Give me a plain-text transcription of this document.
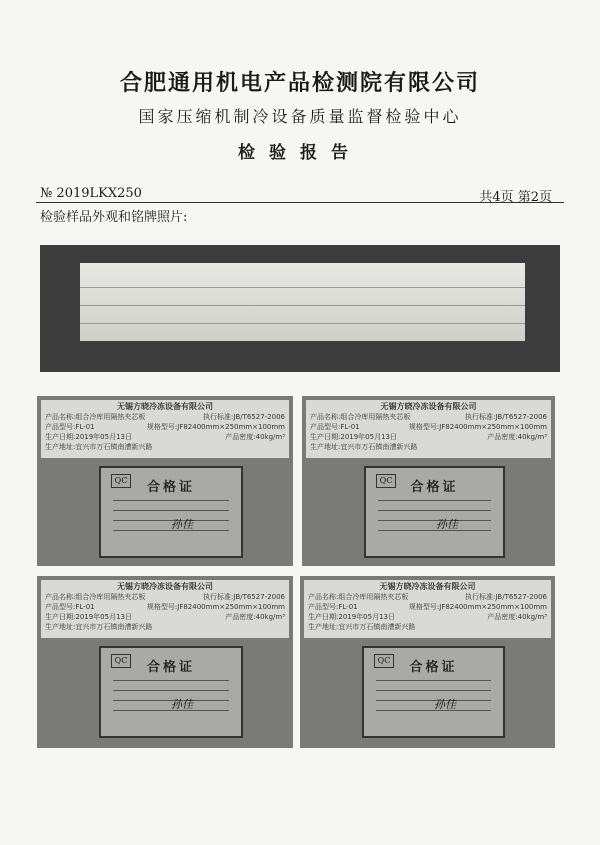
合肥通用机电产品检测院有限公司
国家压缩机制冷设备质量监督检验中心
检验报告
№ 2019LKX250	共4页 第2页
检验样品外观和铭牌照片:
无锡方晓冷冻设备有限公司
产品名称:组合冷库用隔热夹芯板	执行标准:JB/T6527-2006
产品型号:FL-01	规格型号:JF82400mm×250mm×100mm
生产日期:2019年05月13日	产品密度:40kg/m³
生产地址:宜兴市万石镇南漕新兴路
QC	合格证
孙佳
无锡方晓冷冻设备有限公司
产品名称:组合冷库用隔热夹芯板	执行标准:JB/T6527-2006
产品型号:FL-01	规格型号:JF82400mm×250mm×100mm
生产日期:2019年05月13日	产品密度:40kg/m³
生产地址:宜兴市万石镇南漕新兴路
QC	合格证
孙佳
无锡方晓冷冻设备有限公司
产品名称:组合冷库用隔热夹芯板	执行标准:JB/T6527-2006
产品型号:FL-01	规格型号:JF82400mm×250mm×100mm
生产日期:2019年05月13日	产品密度:40kg/m³
生产地址:宜兴市万石镇南漕新兴路
QC	合格证
孙佳
无锡方晓冷冻设备有限公司
产品名称:组合冷库用隔热夹芯板	执行标准:JB/T6527-2006
产品型号:FL-01	规格型号:JF82400mm×250mm×100mm
生产日期:2019年05月13日	产品密度:40kg/m³
生产地址:宜兴市万石镇南漕新兴路
QC	合格证
孙佳
